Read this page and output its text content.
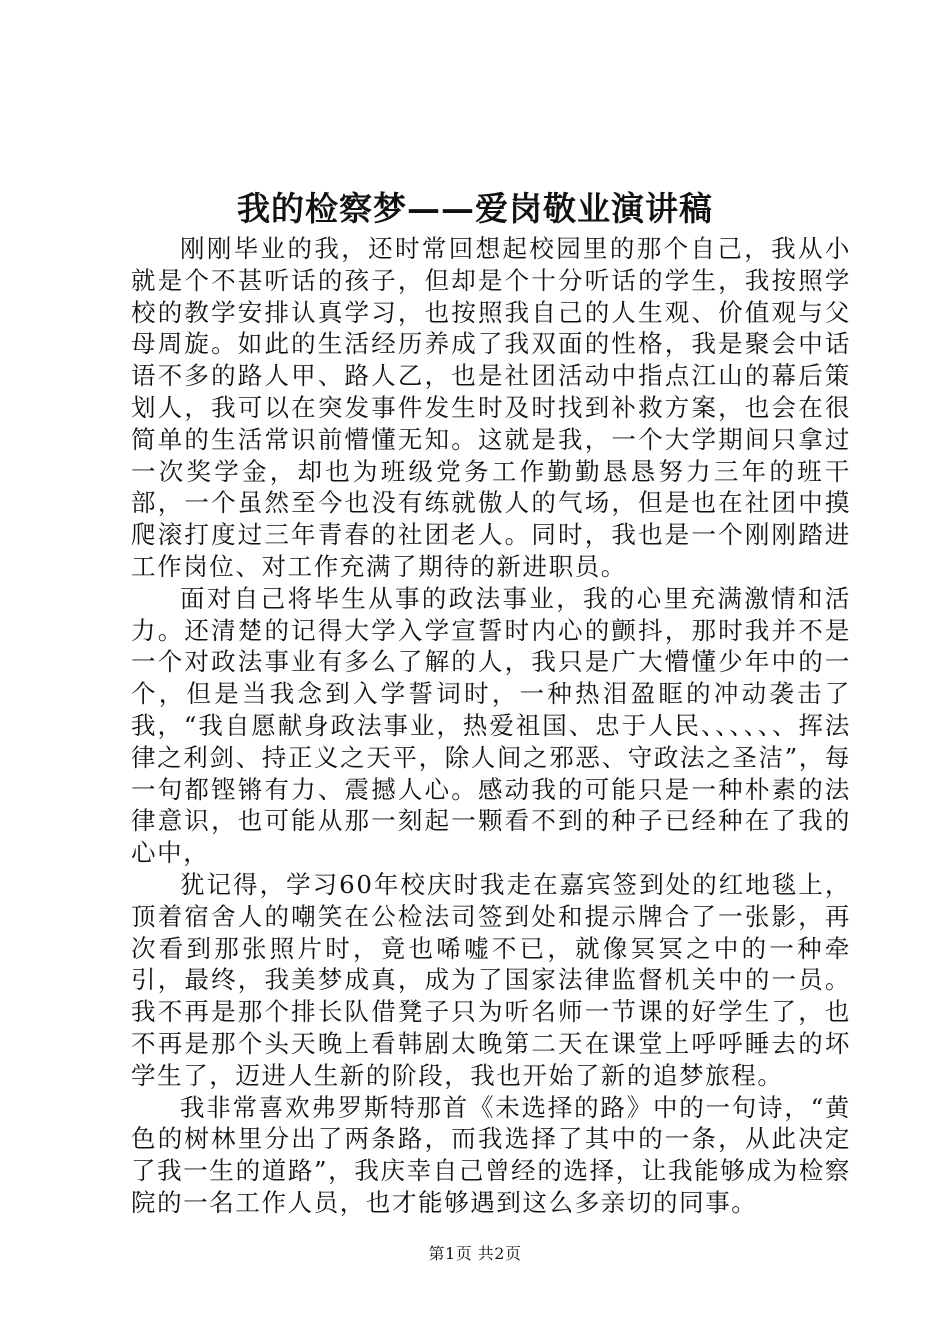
我的检察梦——爱岗敬业演讲稿

刚刚毕业的我，还时常回想起校园里的那个自己，我从小就是个不甚听话的孩子，但却是个十分听话的学生，我按照学校的教学安排认真学习，也按照我自己的人生观、价值观与父母周旋。如此的生活经历养成了我双面的性格，我是聚会中话语不多的路人甲、路人乙，也是社团活动中指点江山的幕后策划人，我可以在突发事件发生时及时找到补救方案，也会在很简单的生活常识前懵懂无知。这就是我，一个大学期间只拿过一次奖学金，却也为班级党务工作勤勤恳恳努力三年的班干部，一个虽然至今也没有练就傲人的气场，但是也在社团中摸爬滚打度过三年青春的社团老人。同时，我也是一个刚刚踏进工作岗位、对工作充满了期待的新进职员。

面对自己将毕生从事的政法事业，我的心里充满激情和活力。还清楚的记得大学入学宣誓时内心的颤抖，那时我并不是一个对政法事业有多么了解的人，我只是广大懵懂少年中的一个，但是当我念到入学誓词时，一种热泪盈眶的冲动袭击了我，“我自愿献身政法事业，热爱祖国、忠于人民、、、、、、挥法律之利剑、持正义之天平，除人间之邪恶、守政法之圣洁”，每一句都铿锵有力、震撼人心。感动我的可能只是一种朴素的法律意识，也可能从那一刻起一颗看不到的种子已经种在了我的心中，

犹记得，学习60年校庆时我走在嘉宾签到处的红地毯上，顶着宿舍人的嘲笑在公检法司签到处和提示牌合了一张影，再次看到那张照片时，竟也唏嘘不已，就像冥冥之中的一种牵引，最终，我美梦成真，成为了国家法律监督机关中的一员。我不再是那个排长队借凳子只为听名师一节课的好学生了，也不再是那个头天晚上看韩剧太晚第二天在课堂上呼呼睡去的坏学生了，迈进人生新的阶段，我也开始了新的追梦旅程。

我非常喜欢弗罗斯特那首《未选择的路》中的一句诗，“黄色的树林里分出了两条路，而我选择了其中的一条，从此决定了我一生的道路”，我庆幸自己曾经的选择，让我能够成为检察院的一名工作人员，也才能够遇到这么多亲切的同事。

第1页 共2页
